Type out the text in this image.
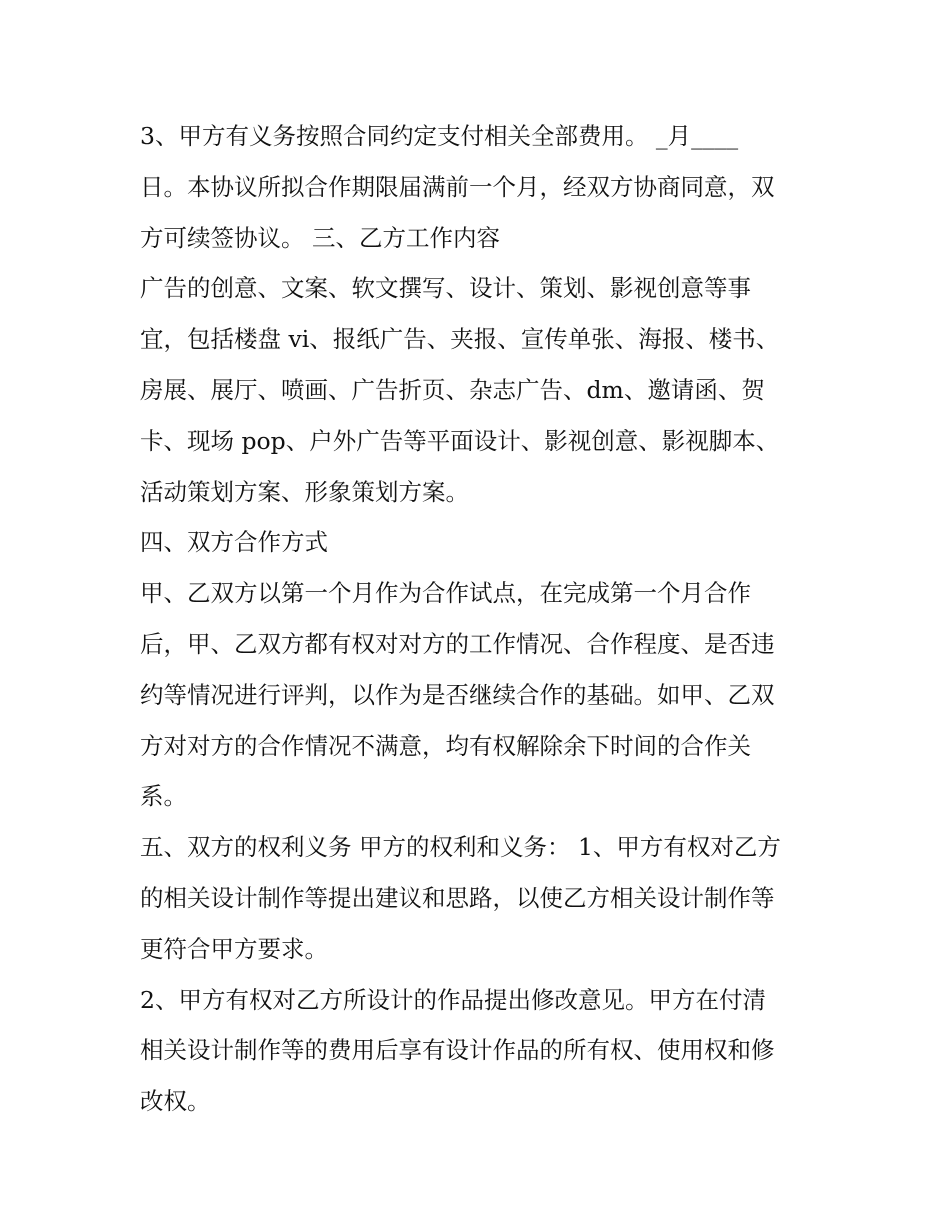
3、甲方有义务按照合同约定支付相关全部费用。 _月____
日。本协议所拟合作期限届满前一个月，经双方协商同意，双
方可续签协议。 三、乙方工作内容
广告的创意、文案、软文撰写、设计、策划、影视创意等事
宜，包括楼盘 vi、报纸广告、夹报、宣传单张、海报、楼书、
房展、展厅、喷画、广告折页、杂志广告、dm、邀请函、贺
卡、现场 pop、户外广告等平面设计、影视创意、影视脚本、
活动策划方案、形象策划方案。
四、双方合作方式
甲、乙双方以第一个月作为合作试点，在完成第一个月合作
后，甲、乙双方都有权对对方的工作情况、合作程度、是否违
约等情况进行评判，以作为是否继续合作的基础。如甲、乙双
方对对方的合作情况不满意，均有权解除余下时间的合作关
系。
五、双方的权利义务 甲方的权利和义务： 1、甲方有权对乙方
的相关设计制作等提出建议和思路，以使乙方相关设计制作等
更符合甲方要求。
2、甲方有权对乙方所设计的作品提出修改意见。甲方在付清
相关设计制作等的费用后享有设计作品的所有权、使用权和修
改权。
